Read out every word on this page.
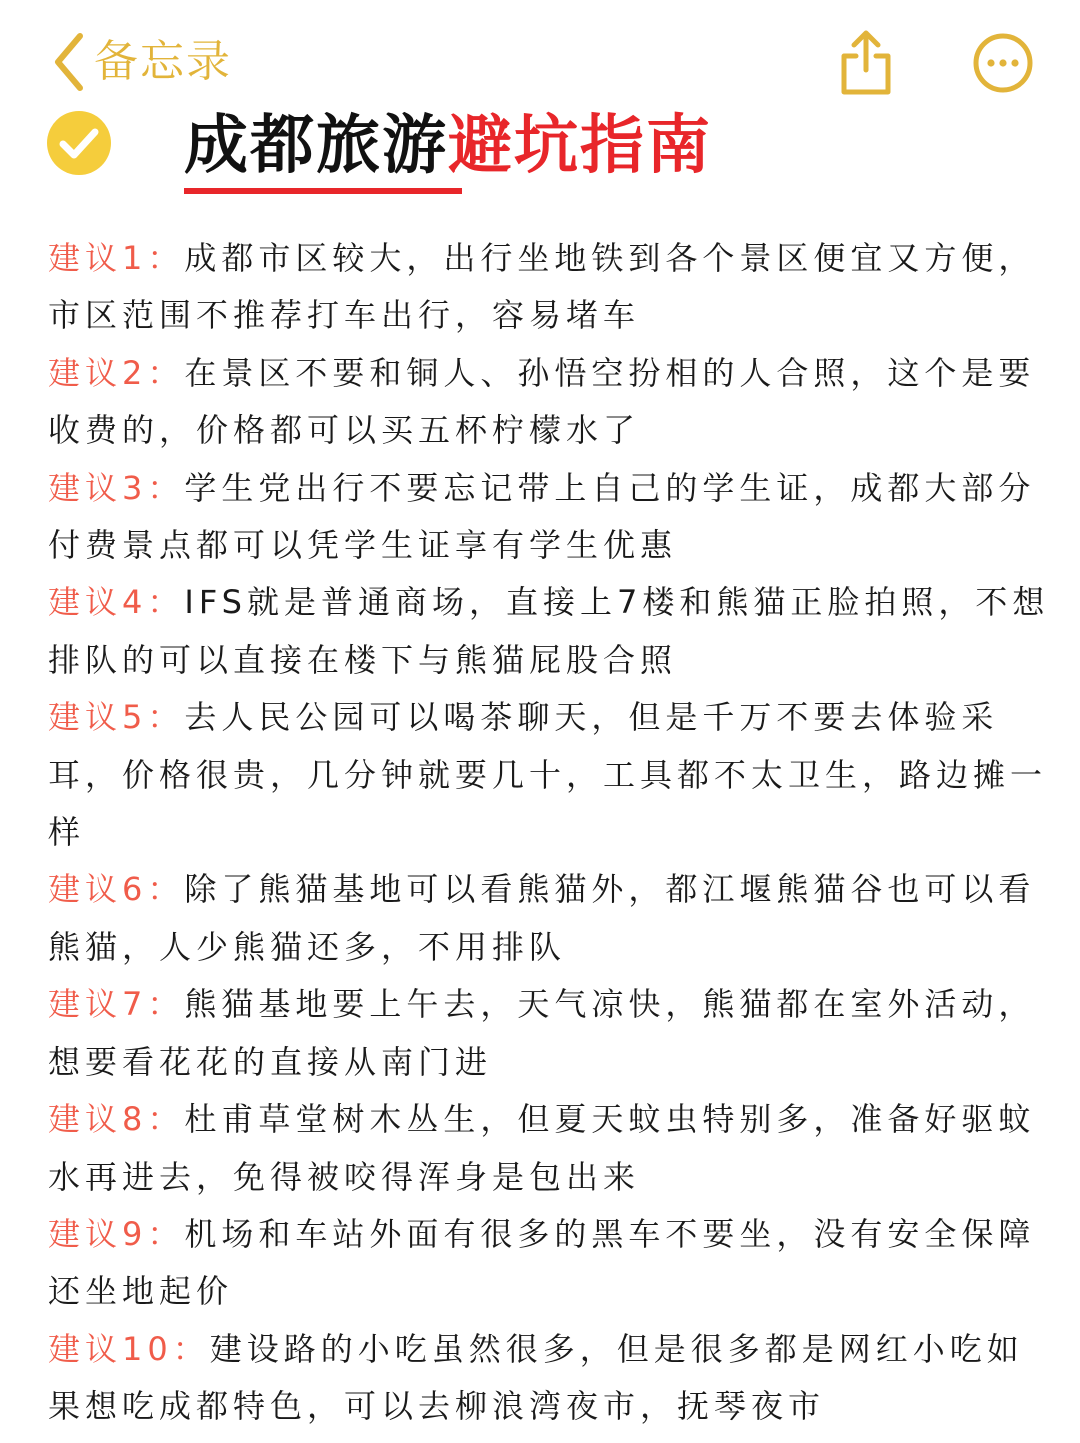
备忘录
成都旅游避坑指南

建议1：成都市区较大，出行坐地铁到各个景区便宜又方便，市区范围不推荐打车出行，容易堵车

建议2：在景区不要和铜人、孙悟空扮相的人合照，这个是要收费的，价格都可以买五杯柠檬水了

建议3：学生党出行不要忘记带上自己的学生证，成都大部分付费景点都可以凭学生证享有学生优惠

建议4：IFS就是普通商场，直接上7楼和熊猫正脸拍照，不想排队的可以直接在楼下与熊猫屁股合照

建议5：去人民公园可以喝茶聊天，但是千万不要去体验采耳，价格很贵，几分钟就要几十，工具都不太卫生，路边摊一样

建议6：除了熊猫基地可以看熊猫外，都江堰熊猫谷也可以看熊猫，人少熊猫还多，不用排队

建议7：熊猫基地要上午去，天气凉快，熊猫都在室外活动，想要看花花的直接从南门进

建议8：杜甫草堂树木丛生，但夏天蚊虫特别多，准备好驱蚊水再进去，免得被咬得浑身是包出来

建议9：机场和车站外面有很多的黑车不要坐，没有安全保障还坐地起价

建议10：建设路的小吃虽然很多，但是很多都是网红小吃如果想吃成都特色，可以去柳浪湾夜市，抚琴夜市
